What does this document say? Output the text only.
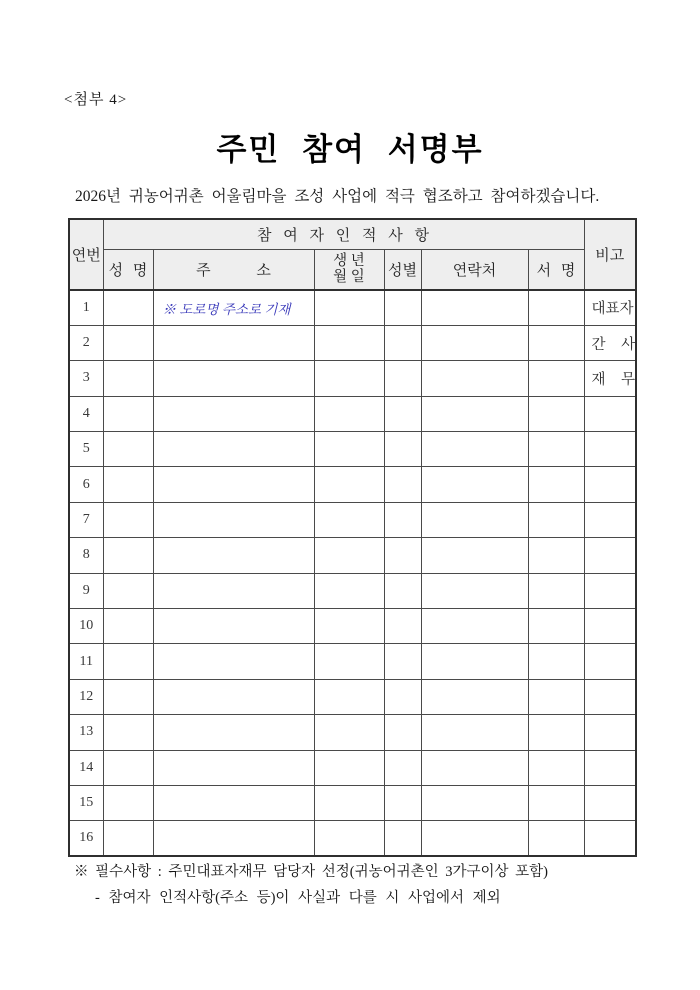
<첨부 4>
주민 참여 서명부
2026년 귀농어귀촌 어울림마을 조성 사업에 적극 협조하고 참여하겠습니다.
연번	참 여 자 인 적 사 항						비고
	성 명	주 소	생 년
월 일	성별	연락처	서 명	
1		※ 도로명 주소로 기재					대표자
2							간 사
3							재 무
4							
5							
6							
7							
8							
9							
10							
11							
12							
13							
14							
15							
16							
※ 필수사항 : 주민대표자재무 담당자 선정(귀농어귀촌인 3가구이상 포함)
- 참여자 인적사항(주소 등)이 사실과 다를 시 사업에서 제외
